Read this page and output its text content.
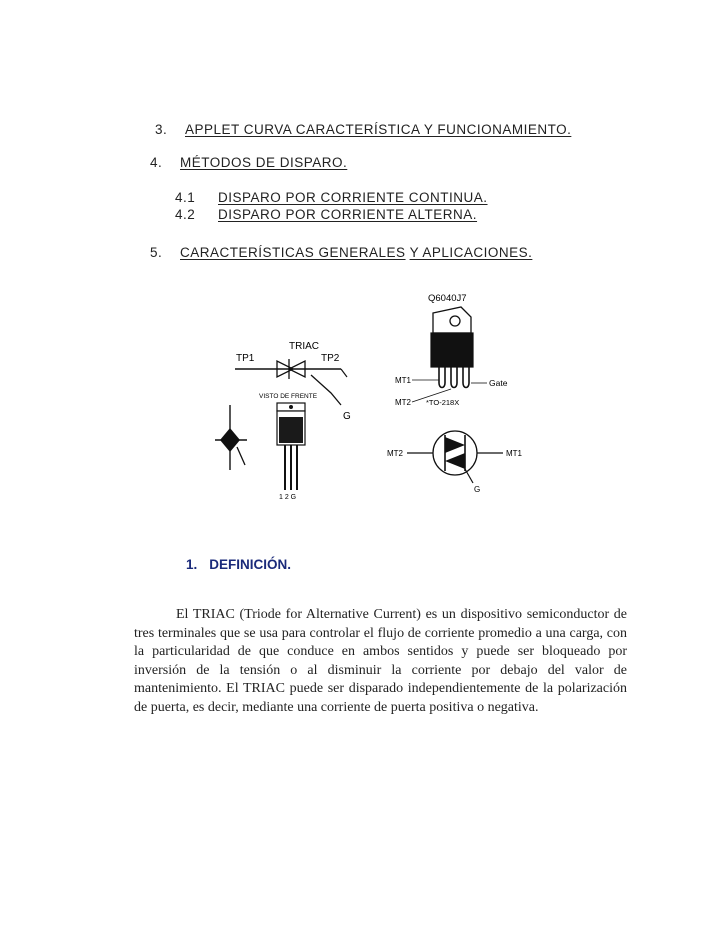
3. APPLET CURVA CARACTERÍSTICA Y FUNCIONAMIENTO.
4. MÉTODOS DE DISPARO.
4.1 DISPARO POR CORRIENTE CONTINUA.
4.2 DISPARO POR CORRIENTE ALTERNA.
5. CARACTERÍSTICAS GENERALES Y APLICACIONES.
TP1
TRIAC
TP2
G
VISTO DE FRENTE
1 2 G
Q6040J7
MT1
MT2
Gate
*TO-218X
MT2	MT1
G
1. DEFINICIÓN.
El TRIAC (Triode for Alternative Current) es un dispositivo semiconductor de tres terminales que se usa para controlar el flujo de corriente promedio a una carga, con la particularidad de que conduce en ambos sentidos y puede ser bloqueado por inversión de la tensión o al disminuir la corriente por debajo del valor de mantenimiento. El TRIAC puede ser disparado independientemente de la polarización de puerta, es decir, mediante una corriente de puerta positiva o negativa.
